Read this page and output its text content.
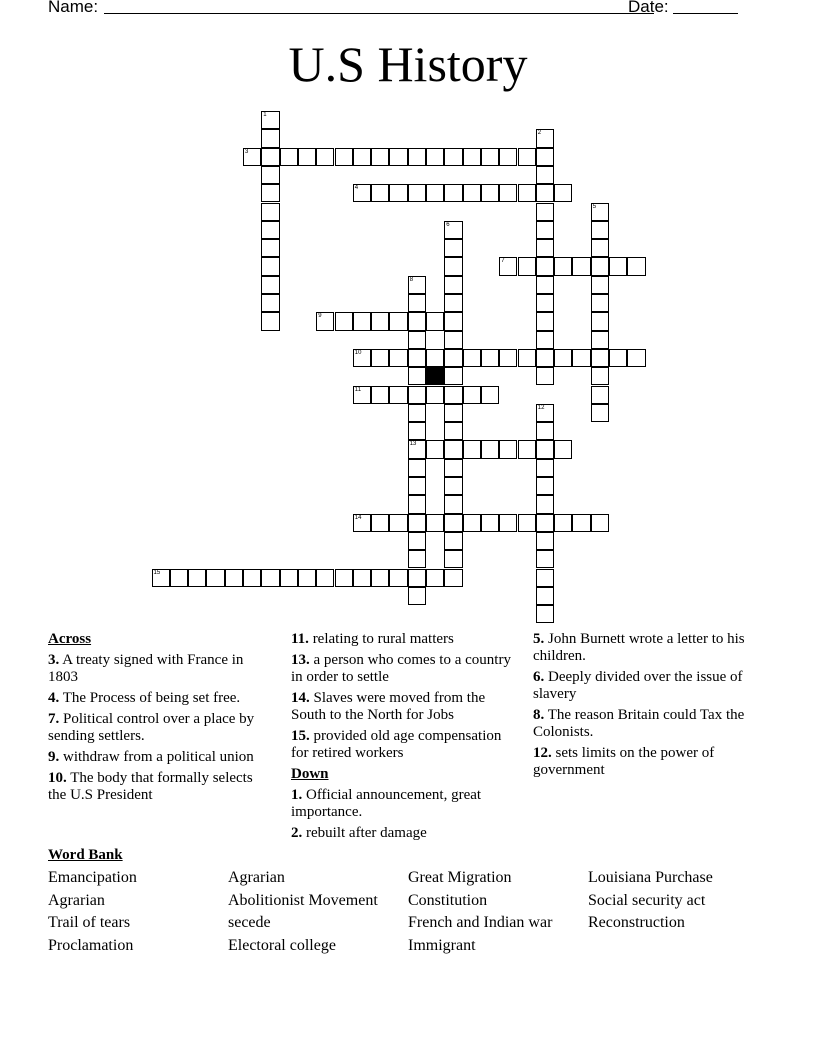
Name:	Date:
U.S History
1
2
3
4
5
6
7
8
13
9
10
11
12
14
15
Across
3. A treaty signed with France in 1803
4. The Process of being set free.
7. Political control over a place by sending settlers.
9. withdraw from a political union
10. The body that formally selects the U.S President
11. relating to rural matters
13. a person who comes to a country in order to settle
14. Slaves were moved from the South to the North for Jobs
15. provided old age compensation for retired workers
Down
1. Official announcement, great importance.
2. rebuilt after damage
5. John Burnett wrote a letter to his children.
6. Deeply divided over the issue of slavery
8. The reason Britain could Tax the Colonists.
12. sets limits on the power of government
Word Bank
Emancipation	Agrarian	Great Migration	Louisiana Purchase
Agrarian	Abolitionist Movement	Constitution	Social security act
Trail of tears	secede	French and Indian war	Reconstruction
Proclamation	Electoral college	Immigrant
